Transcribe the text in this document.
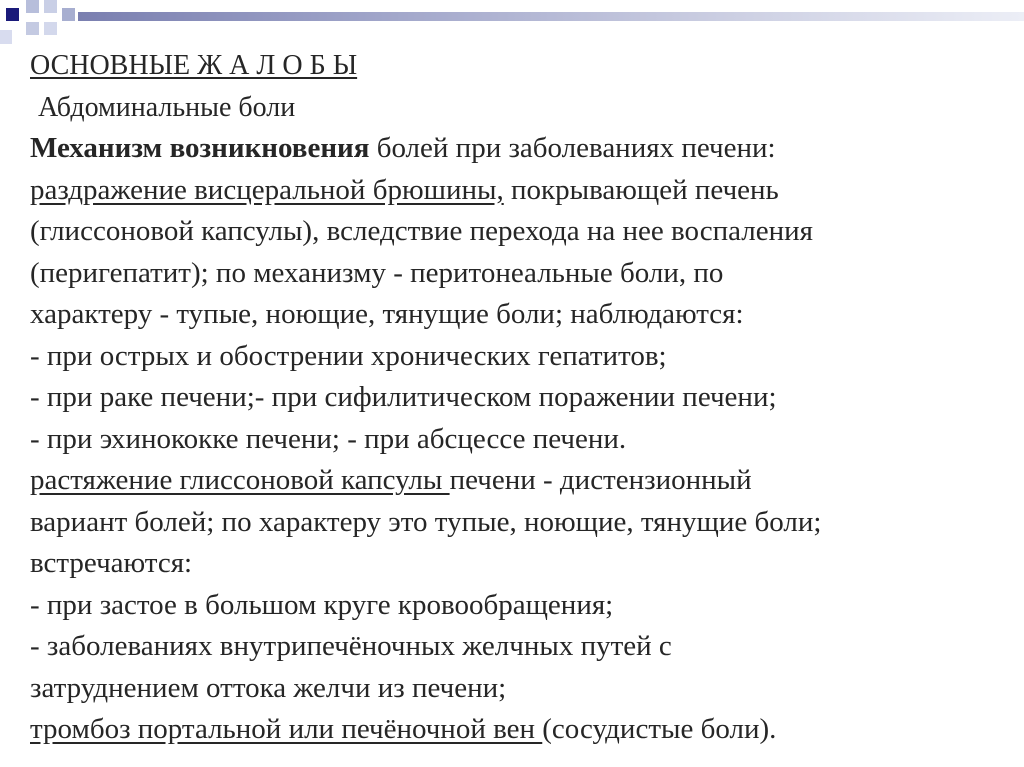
ОСНОВНЫЕ Ж А Л О Б Ы
Абдоминальные боли
Механизм возникновения болей при заболеваниях печени:
раздражение висцеральной брюшины, покрывающей печень
(глиссоновой капсулы), вследствие перехода на нее воспаления
(перигепатит); по механизму - перитонеальные боли, по
характеру - тупые, ноющие, тянущие боли; наблюдаются:
- при острых и обострении хронических гепатитов;
- при раке печени;- при сифилитическом поражении печени;
- при эхинококке печени; - при абсцессе печени.
растяжение глиссоновой капсулы печени - дистензионный
вариант болей; по характеру это тупые, ноющие, тянущие боли;
встречаются:
- при застое в большом круге кровообращения;
- заболеваниях внутрипечёночных желчных путей с
затруднением оттока желчи из печени;
тромбоз портальной или печёночной вен (сосудистые боли).
